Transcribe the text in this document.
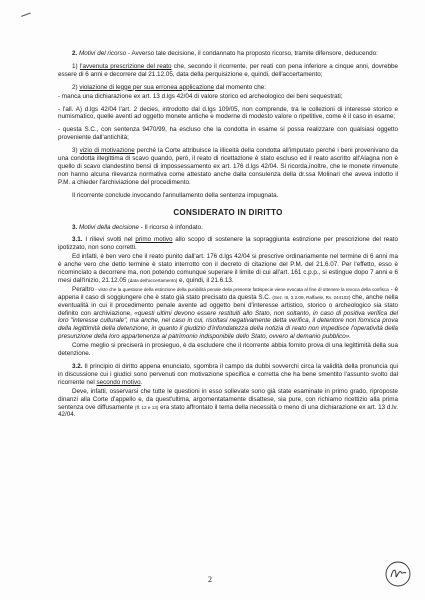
2. Motivi del ricorso - Avverso tale decisione, il condannato ha proposto ricorso, tramite difensore, deducendo:

1) l'avvenuta prescrizione del reato che, secondo il ricorrente, per reati con pena inferiore a cinque anni, dovrebbe essere di 6 anni e decorrere dal 21.12.05, data della perquisizione e, quindi, dell'accertamento;

2) violazione di legge per sua erronea applicazione dal momento che:

- manca una dichiarazione ex art. 13 d.lgs 42/04 di valore storico ed archeologico dei beni sequestrati;

- l'all. A) d.lgs 42/04 l'art. 2 decies, introdotto dal d.lgs 109/05, non comprende, tra le collezioni di interesse storico e numismatico, quelle aventi ad oggetto monete antiche e moderne di modesto valore o ripetitive, come è il caso in esame;

- questa S.C., con sentenza 9470/99, ha escluso che la condotta in esame si possa realizzare con qualsiasi oggetto proveniente dall'antichità;

3) vizio di motivazione perché la Corte attribuisce la illiceità della condotta all'imputato perché i beni provenivano da una condotta illegittima di scavo quando, però, il reato di ricettazione è stato escluso ed il reato ascritto all'Alagna non è quello di scavo clandestino bensì di impossessamento ex art. 176 d.lgs 42/04. Si ricorda,inoltre, che le monete rinvenute non hanno alcuna rilevanza normativa come attestato anche dalla consulenza della dr.ssa Molinari che aveva indotto il P.M. a chieder l'archiviazione del procedimento.

Il ricorrente conclude invocando l'annullamento della sentenza impugnata.

CONSIDERATO IN DIRITTO

3. Motivi della decisione - Il ricorso è infondato.

3.1. I rilievi svolti nel primo motivo allo scopo di sostenere la sopraggiunta estinzione per prescrizione del reato ipotizzato, non sono corretti.

Ed infatti, è ben vero che il reato punito dall'art. 176 d.lgs 42/04 si prescrive ordinariamente nel termine di 6 anni ma è anche vero che detto termine è stato interrotto con il decreto di citazione del P.M. del 21.6.07. Per l'effetto, esso è ricominciato a decorrere ma, non potendo comunque superare il limite di cui all'art. 161 c.p.p., si estingue dopo 7 anni e 6 mesi dall'inizio, 21.12.05 (data dell'accertamento) e, quindi, il 21.6.13.

Peraltro - visto che la questione della estinzione della punibilità penale della presente fattispecie viene evocata al fine di ottenere la revoca della confisca - è appena il caso di soggiungere che è stato già stato precisato da questa S.C. (Sez. III, 3.2.09, Raffaele, Rv. 244102) che, anche nella eventualità in cui il procedimento penale avente ad oggetto beni d'interesse artistico, storico o archeologico sia stato definito con archiviazione, «questi ultimi devono essere restituiti allo Stato, non soltanto, in caso di positiva verifica del loro "interesse culturale", ma anche, nel caso in cui, risoltasi negativamente detta verifica, il detentore non fornisca prova della legittimità della detenzione, in quanto il giudizio d'infondatezza della notizia di reato non impedisce l'operatività della presunzione della loro appartenenza al patrimonio indisponibile dello Stato, ovvero al demanio pubblico».

Come meglio si preciserà in prosieguo, è da escludere che il ricorrente abbia fornito prova di una legittimità della sua detenzione.

3.2. Il principio di diritto appena enunciato, sgombra il campo da dubbi sovverchi circa la validità della pronuncia qui in discussione cui i giudici sono pervenuti con motivazione specifica e corretta che ha bene smentito l'assunto svolto dal ricorrente nel secondo motivo.

Deve, infatti, osservarsi che tutte le questioni in esso sollevate sono già state esaminate in primo grado, riproposte dinanzi alla Corte d'appello e, da quest'ultima, argomentatamente disattese, sia pure, con richiamo ricettizio alla prima sentenza ove diffusamente (ff. 12 e 13) era stato affrontato il tema della necessità o meno di una dichiarazione ex art. 13 d.lv. 42/04.

2
